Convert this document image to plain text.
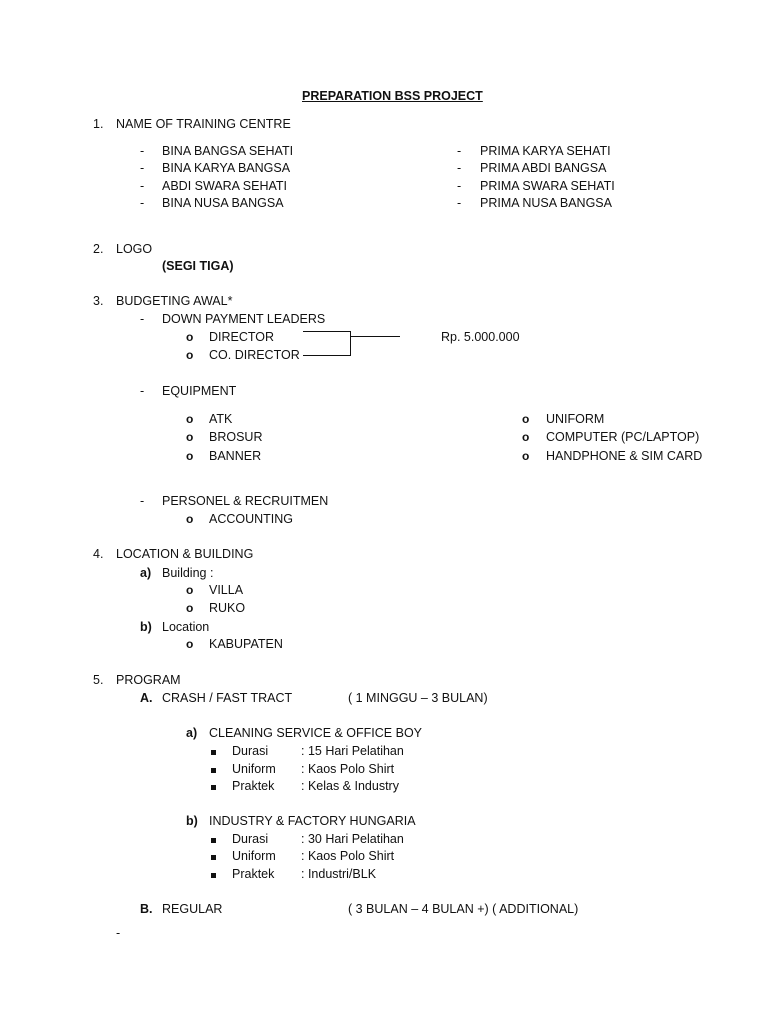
PREPARATION BSS PROJECT
1. NAME OF TRAINING CENTRE
- BINA BANGSA SEHATI
- BINA KARYA BANGSA
- ABDI SWARA SEHATI
- BINA NUSA BANGSA
- PRIMA KARYA SEHATI
- PRIMA ABDI BANGSA
- PRIMA SWARA SEHATI
- PRIMA NUSA BANGSA
2. LOGO
(SEGI TIGA)
3. BUDGETING AWAL*
- DOWN PAYMENT LEADERS
o DIRECTOR
o CO. DIRECTOR
Rp. 5.000.000
- EQUIPMENT
o ATK
o BROSUR
o BANNER
o UNIFORM
o COMPUTER (PC/LAPTOP)
o HANDPHONE & SIM CARD
- PERSONEL & RECRUITMEN
o ACCOUNTING
4. LOCATION & BUILDING
a) Building :
o VILLA
o RUKO
b) Location
o KABUPATEN
5. PROGRAM
A. CRASH / FAST TRACT	( 1 MINGGU – 3 BULAN)
a) CLEANING SERVICE & OFFICE BOY
Durasi	: 15 Hari Pelatihan
Uniform : Kaos Polo Shirt
Praktek : Kelas & Industry
b) INDUSTRY & FACTORY HUNGARIA
Durasi	: 30 Hari Pelatihan
Uniform : Kaos Polo Shirt
Praktek : Industri/BLK
B. REGULAR	( 3 BULAN – 4 BULAN +) ( ADDITIONAL)
-
